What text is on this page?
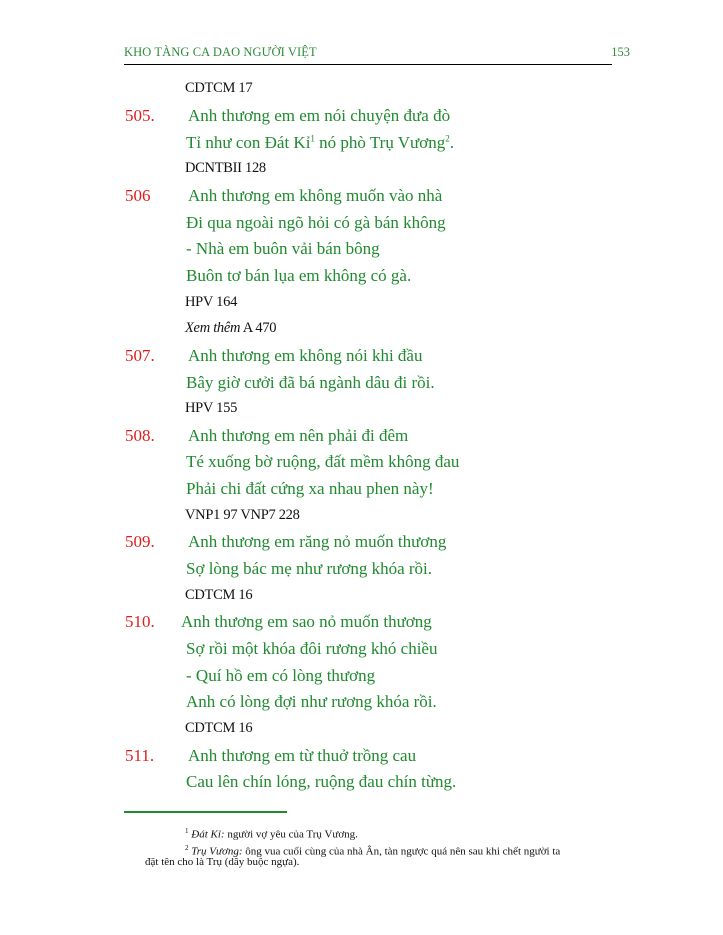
KHO TÀNG CA DAO NGƯỜI VIỆT	153
CDTCM 17
505. Anh thương em em nói chuyện đưa đò
Tỉ như con Đát Kỉ$^1$ nó phò Trụ Vương$^2$.
DCNTBII 128
506 Anh thương em không muốn vào nhà
Đi qua ngoài ngõ hỏi có gà bán không
- Nhà em buôn vải bán bông
Buôn tơ bán lụa em không có gà.
HPV 164
Xem thêm A 470
507. Anh thương em không nói khi đầu
Bây giờ cưởi đã bá ngành dâu đi rồi.
HPV 155
508. Anh thương em nên phải đi đêm
Té xuống bờ ruộng, đất mềm không đau
Phải chi đất cứng xa nhau phen này!
VNP1 97 VNP7 228
509. Anh thương em răng nỏ muốn thương
Sợ lòng bác mẹ như rương khóa rồi.
CDTCM 16
510. Anh thương em sao nỏ muốn thương
Sợ rồi một khóa đôi rương khó chiều
- Quí hồ em có lòng thương
Anh có lòng đợi như rương khóa rồi.
CDTCM 16
511. Anh thương em từ thuở trồng cau
Cau lên chín lóng, ruộng đau chín từng.
$^1$ Đát Kỉ: người vợ yêu của Trụ Vương.
$^2$ Trụ Vương: ông vua cuối cùng của nhà Ân, tàn ngược quá nên sau khi chết người ta
đặt tên cho là Trụ (dây buộc ngựa).
